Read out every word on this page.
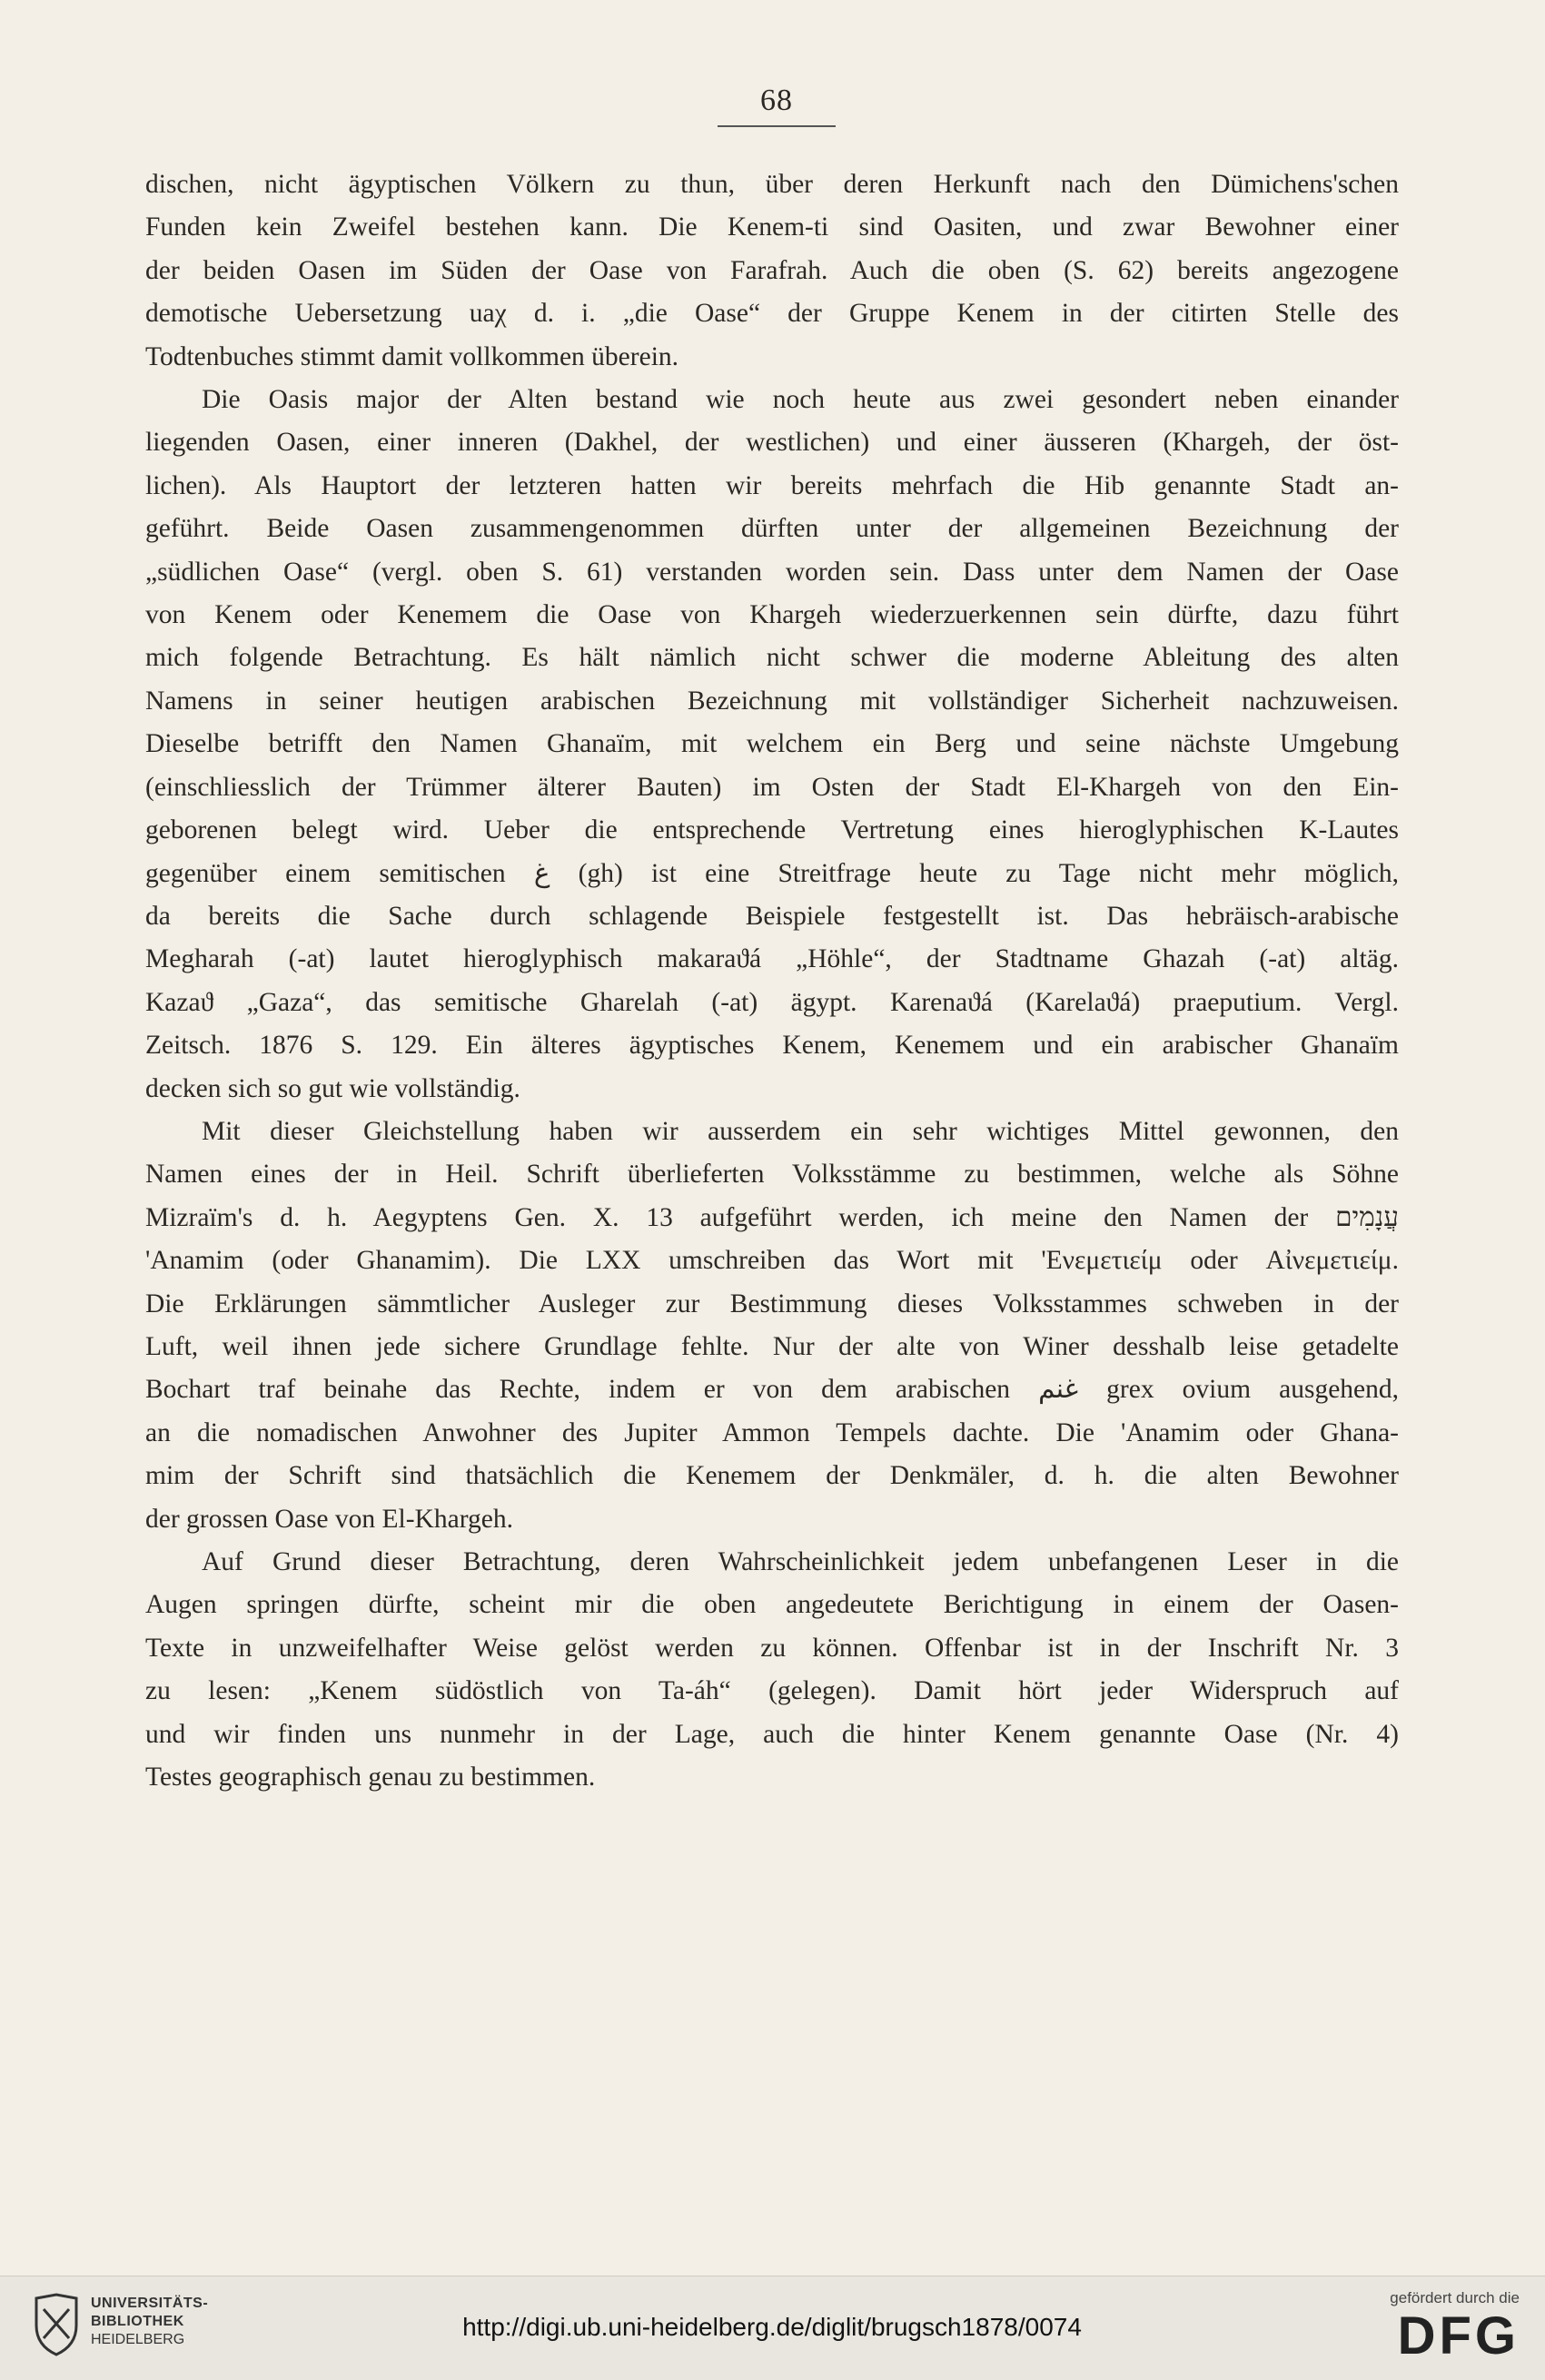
68

dischen, nicht ägyptischen Völkern zu thun, über deren Herkunft nach den Dümichens'schen
Funden kein Zweifel bestehen kann. Die Kenem-ti sind Oasiten, und zwar Bewohner einer
der beiden Oasen im Süden der Oase von Farafrah. Auch die oben (S. 62) bereits angezogene
demotische Uebersetzung uaχ d. i. „die Oase“ der Gruppe Kenem in der citirten Stelle des
Todtenbuches stimmt damit vollkommen überein.

Die Oasis major der Alten bestand wie noch heute aus zwei gesondert neben einander
liegenden Oasen, einer inneren (Dakhel, der westlichen) und einer äusseren (Khargeh, der öst-
lichen). Als Hauptort der letzteren hatten wir bereits mehrfach die Hib genannte Stadt an-
geführt. Beide Oasen zusammengenommen dürften unter der allgemeinen Bezeichnung der
„südlichen Oase“ (vergl. oben S. 61) verstanden worden sein. Dass unter dem Namen der Oase
von Kenem oder Kenemem die Oase von Khargeh wiederzuerkennen sein dürfte, dazu führt
mich folgende Betrachtung. Es hält nämlich nicht schwer die moderne Ableitung des alten
Namens in seiner heutigen arabischen Bezeichnung mit vollständiger Sicherheit nachzuweisen.
Dieselbe betrifft den Namen Ghanaïm, mit welchem ein Berg und seine nächste Umgebung
(einschliesslich der Trümmer älterer Bauten) im Osten der Stadt El-Khargeh von den Ein-
geborenen belegt wird. Ueber die entsprechende Vertretung eines hieroglyphischen K-Lautes
gegenüber einem semitischen غ (gh) ist eine Streitfrage heute zu Tage nicht mehr möglich,
da bereits die Sache durch schlagende Beispiele festgestellt ist. Das hebräisch-arabische
Megharah (-at) lautet hieroglyphisch makaraϑá „Höhle“, der Stadtname Ghazah (-at) altäg.
Kazaϑ „Gaza“, das semitische Gharelah (-at) ägypt. Karenaϑá (Karelaϑá) praeputium. Vergl.
Zeitsch. 1876 S. 129. Ein älteres ägyptisches Kenem, Kenemem und ein arabischer Ghanaïm
decken sich so gut wie vollständig.

Mit dieser Gleichstellung haben wir ausserdem ein sehr wichtiges Mittel gewonnen, den
Namen eines der in Heil. Schrift überlieferten Volksstämme zu bestimmen, welche als Söhne
Mizraïm's d. h. Aegyptens Gen. X. 13 aufgeführt werden, ich meine den Namen der עֲנָמִים
'Anamim (oder Ghanamim). Die LXX umschreiben das Wort mit 'Ενεμετιείμ oder Αἰνεμετιείμ.
Die Erklärungen sämmtlicher Ausleger zur Bestimmung dieses Volksstammes schweben in der
Luft, weil ihnen jede sichere Grundlage fehlte. Nur der alte von Winer desshalb leise getadelte
Bochart traf beinahe das Rechte, indem er von dem arabischen غنم grex ovium ausgehend,
an die nomadischen Anwohner des Jupiter Ammon Tempels dachte. Die 'Anamim oder Ghana-
mim der Schrift sind thatsächlich die Kenemem der Denkmäler, d. h. die alten Bewohner
der grossen Oase von El-Khargeh.

Auf Grund dieser Betrachtung, deren Wahrscheinlichkeit jedem unbefangenen Leser in die
Augen springen dürfte, scheint mir die oben angedeutete Berichtigung in einem der Oasen-
Texte in unzweifelhafter Weise gelöst werden zu können. Offenbar ist in der Inschrift Nr. 3
zu lesen: „Kenem südöstlich von Ta-áh“ (gelegen). Damit hört jeder Widerspruch auf
und wir finden uns nunmehr in der Lage, auch die hinter Kenem genannte Oase (Nr. 4)
Testes geographisch genau zu bestimmen.

UNIVERSITÄTS-
BIBLIOTHEK
HEIDELBERG	http://digi.ub.uni-heidelberg.de/diglit/brugsch1878/0074
gefördert durch die
DFG
